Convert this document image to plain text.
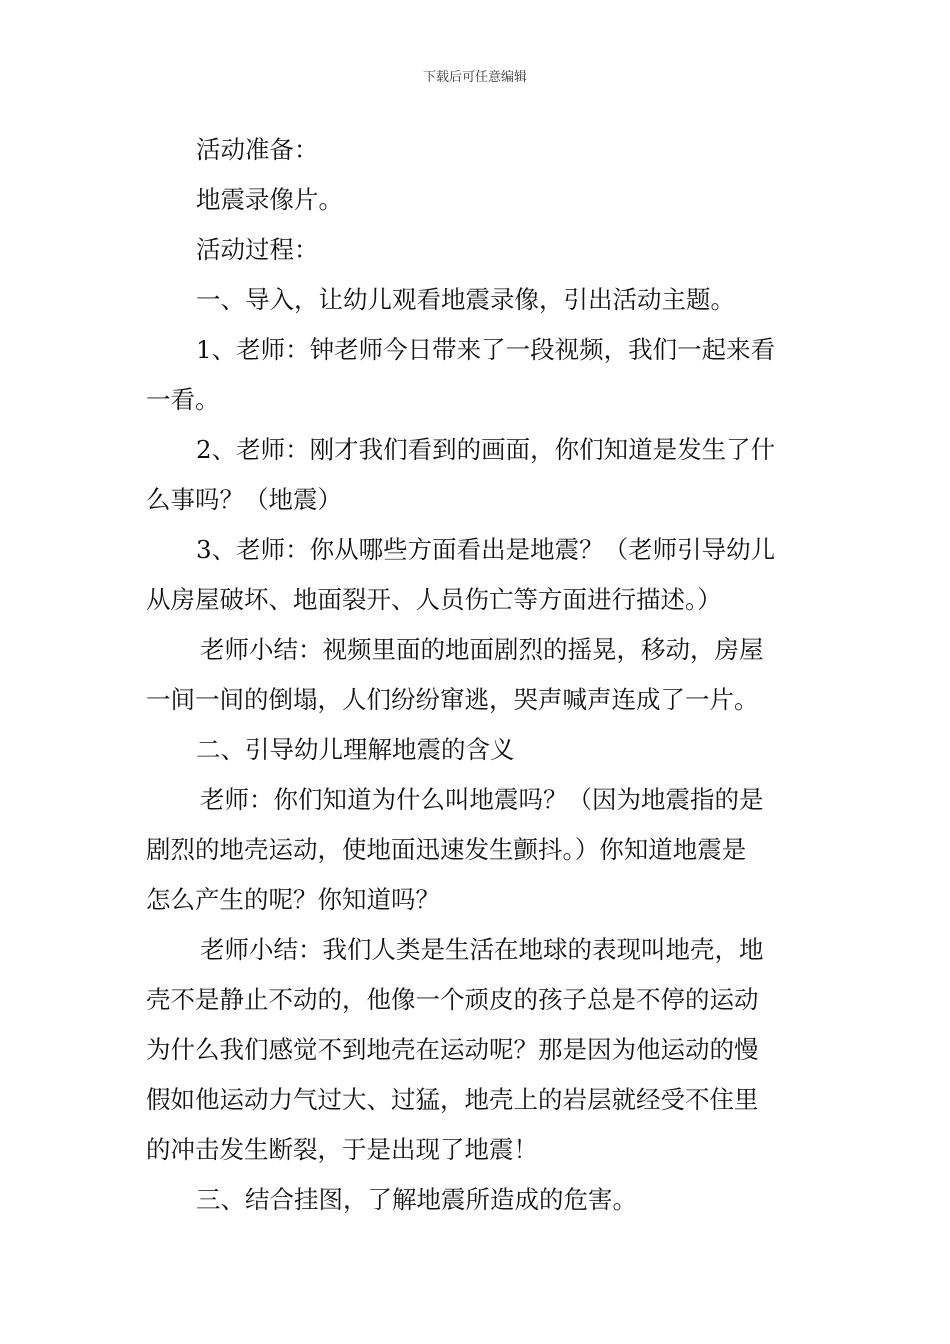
下载后可任意编辑
活动准备：
地震录像片。
活动过程：
一、导入，让幼儿观看地震录像，引出活动主题。
1、老师：钟老师今日带来了一段视频，我们一起来看
一看。
2、老师：刚才我们看到的画面，你们知道是发生了什
么事吗？（地震）
3、老师：你从哪些方面看出是地震？（老师引导幼儿
从房屋破坏、地面裂开、人员伤亡等方面进行描述。）
老师小结：视频里面的地面剧烈的摇晃，移动，房屋
一间一间的倒塌，人们纷纷窜逃，哭声喊声连成了一片。
二、引导幼儿理解地震的含义
老师：你们知道为什么叫地震吗？（因为地震指的是
剧烈的地壳运动，使地面迅速发生颤抖。）你知道地震是
怎么产生的呢？你知道吗？
老师小结：我们人类是生活在地球的表现叫地壳，地
壳不是静止不动的，他像一个顽皮的孩子总是不停的运动
为什么我们感觉不到地壳在运动呢？那是因为他运动的慢
假如他运动力气过大、过猛，地壳上的岩层就经受不住里
的冲击发生断裂，于是出现了地震！
三、结合挂图，了解地震所造成的危害。
